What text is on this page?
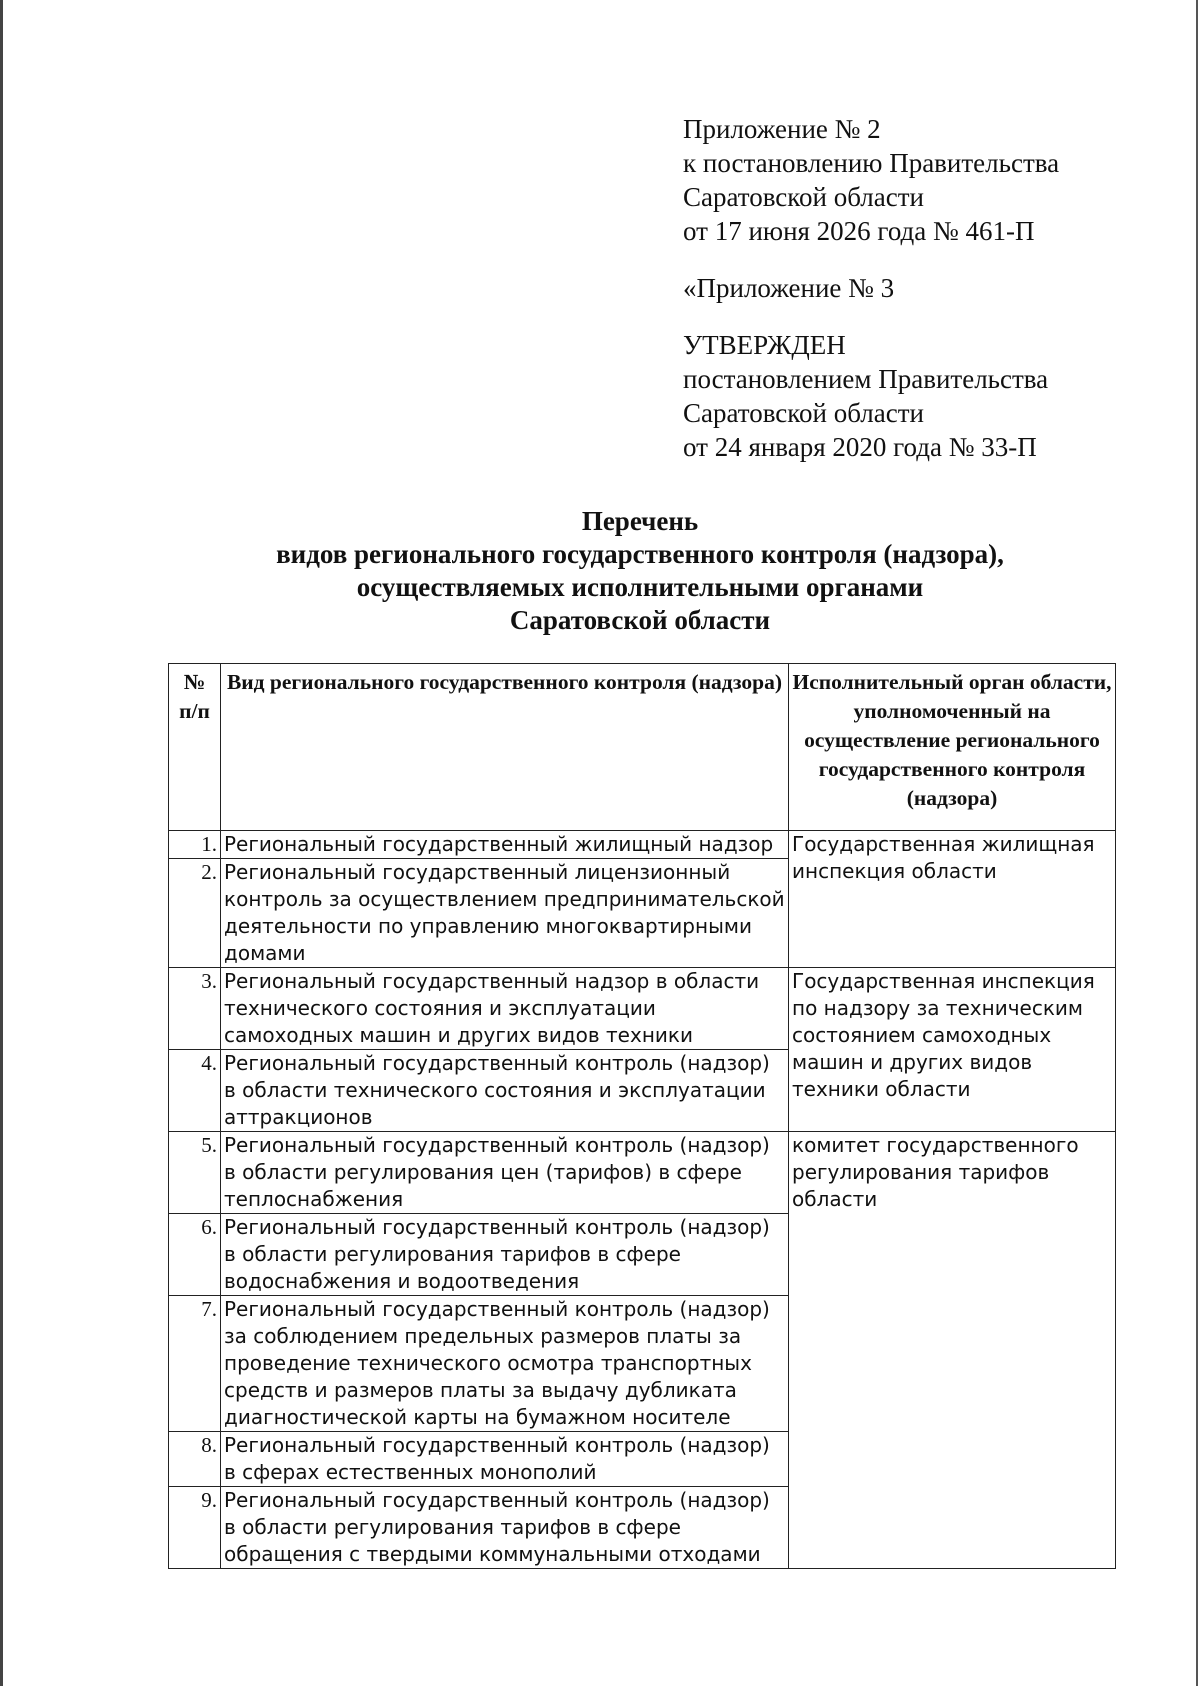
Приложение № 2
к постановлению Правительства
Саратовской области
от 17 июня 2026 года № 461-П
«Приложение № 3
УТВЕРЖДЕН
постановлением Правительства
Саратовской области
от 24 января 2020 года № 33-П
Перечень
видов регионального государственного контроля (надзора),
осуществляемых исполнительными органами
Саратовской области
№ п/п	Вид регионального государственного контроля (надзора)	Исполнительный орган области, уполномоченный на осуществление регионального государственного контроля (надзора)
1.	Региональный государственный жилищный надзор	Государственная жилищная инспекция области
2.	Региональный государственный лицензионный контроль за осуществлением предпринимательской деятельности по управлению многоквартирными домами	
3.	Региональный государственный надзор в области технического состояния и эксплуатации самоходных машин и других видов техники	Государственная инспекция по надзору за техническим состоянием самоходных машин и других видов техники области
4.	Региональный государственный контроль (надзор) в области технического состояния и эксплуатации аттракционов	
5.	Региональный государственный контроль (надзор) в области регулирования цен (тарифов) в сфере теплоснабжения	комитет государственного регулирования тарифов области
6.	Региональный государственный контроль (надзор) в области регулирования тарифов в сфере водоснабжения и водоотведения	
7.	Региональный государственный контроль (надзор) за соблюдением предельных размеров платы за проведение технического осмотра транспортных средств и размеров платы за выдачу дубликата диагностической карты на бумажном носителе	
8.	Региональный государственный контроль (надзор) в сферах естественных монополий	
9.	Региональный государственный контроль (надзор) в области регулирования тарифов в сфере обращения с твердыми коммунальными отходами	
